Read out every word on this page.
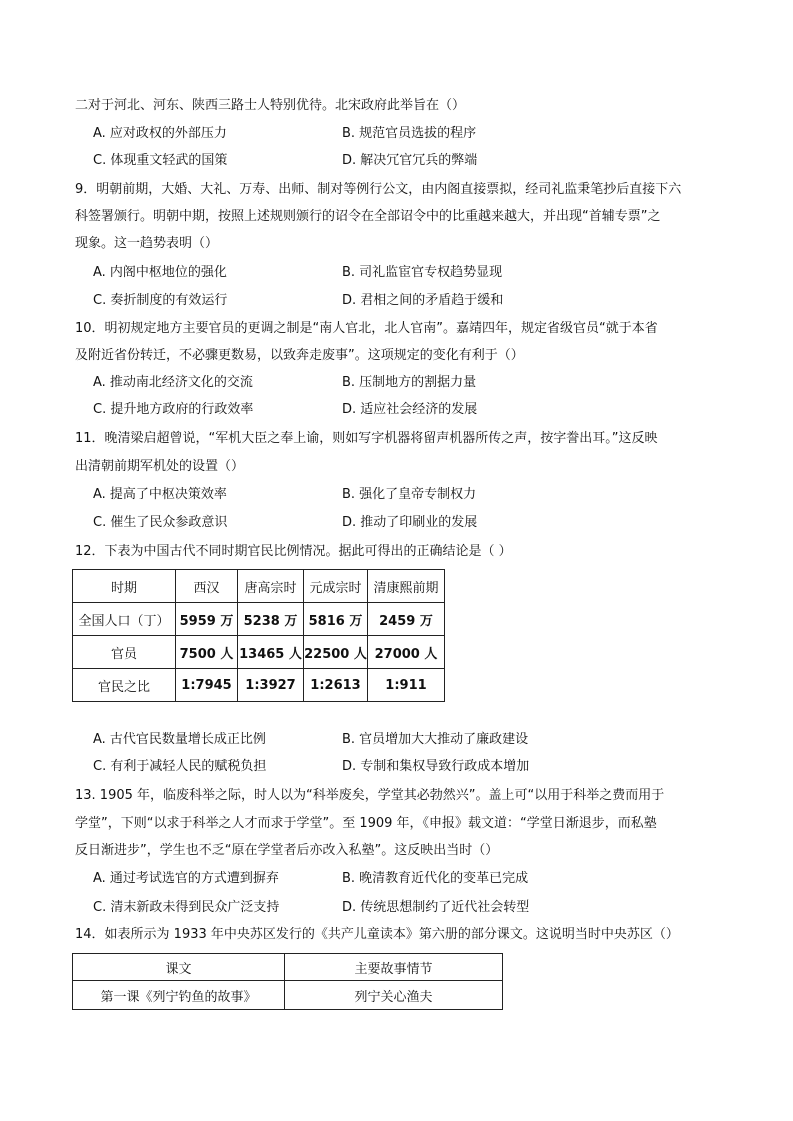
二对于河北、河东、陕西三路士人特别优待。北宋政府此举旨在（）
A. 应对政权的外部压力	B. 规范官员选拔的程序
C. 体现重文轻武的国策	D. 解决冗官冗兵的弊端
9．明朝前期，大婚、大礼、万寿、出师、制对等例行公文，由内阁直接票拟，经司礼监秉笔抄后直接下六
科签署颁行。明朝中期，按照上述规则颁行的诏令在全部诏令中的比重越来越大，并出现“首辅专票”之
现象。这一趋势表明（）
A. 内阁中枢地位的强化	B. 司礼监宦官专权趋势显现
C. 奏折制度的有效运行	D. 君相之间的矛盾趋于缓和
10．明初规定地方主要官员的更调之制是“南人官北，北人官南”。嘉靖四年，规定省级官员“就于本省
及附近省份转迁，不必骤更数易，以致奔走废事”。这项规定的变化有利于（）
A. 推动南北经济文化的交流	B. 压制地方的割据力量
C. 提升地方政府的行政效率	D. 适应社会经济的发展
11．晚清梁启超曾说，“军机大臣之奉上谕，则如写字机器将留声机器所传之声，按字誊出耳。”这反映
出清朝前期军机处的设置（）
A. 提高了中枢决策效率	B. 强化了皇帝专制权力
C. 催生了民众参政意识	D. 推动了印刷业的发展
12．下表为中国古代不同时期官民比例情况。据此可得出的正确结论是（ ）
时期	西汉	唐高宗时	元成宗时	清康熙前期
全国人口（丁）	5959 万	5238 万	5816 万	2459 万
官员	7500 人	13465 人	22500 人	27000 人
官民之比	1:7945	1:3927	1:2613	1:911
A. 古代官民数量增长成正比例	B. 官员增加大大推动了廉政建设
C. 有利于减轻人民的赋税负担	D. 专制和集权导致行政成本增加
13. 1905 年，临废科举之际，时人以为“科举废矣，学堂其必勃然兴”。盖上可“以用于科举之费而用于
学堂”，下则“以求于科举之人才而求于学堂”。至 1909 年，《申报》载文道：“学堂日渐退步，而私塾
反日渐进步”，学生也不乏“原在学堂者后亦改入私塾”。这反映出当时（）
A. 通过考试选官的方式遭到摒弃	B. 晚清教育近代化的变革已完成
C. 清末新政未得到民众广泛支持	D. 传统思想制约了近代社会转型
14．如表所示为 1933 年中央苏区发行的《共产儿童读本》第六册的部分课文。这说明当时中央苏区（）
课文	主要故事情节
第一课《列宁钓鱼的故事》	列宁关心渔夫
